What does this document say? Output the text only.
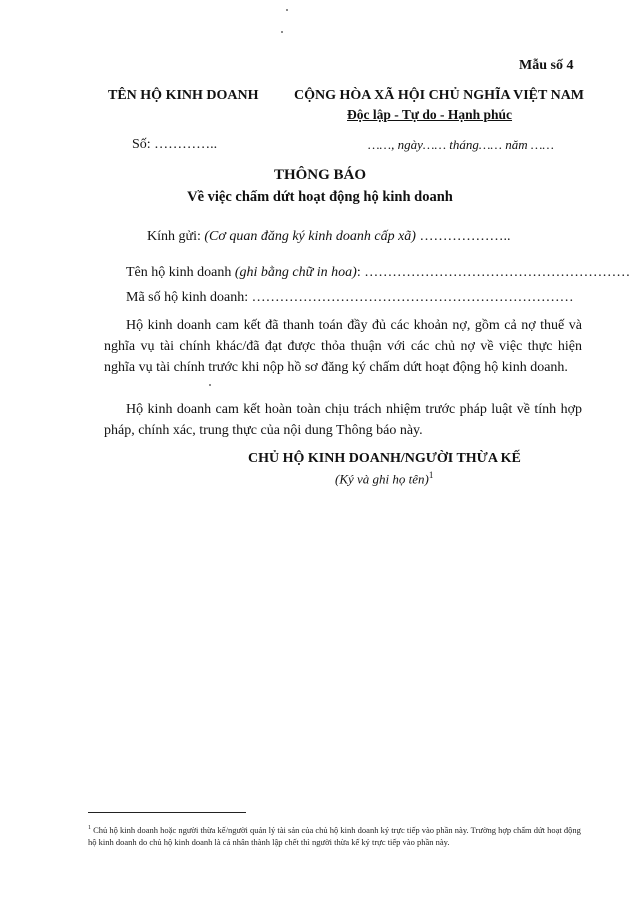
Mẫu số 4
TÊN HỘ KINH DOANH	CỘNG HÒA XÃ HỘI CHỦ NGHĨA VIỆT NAM
Độc lập - Tự do - Hạnh phúc
Số: …………..	……, ngày…… tháng…… năm ……
THÔNG BÁO
Về việc chấm dứt hoạt động hộ kinh doanh
Kính gửi: (Cơ quan đăng ký kinh doanh cấp xã) ………………..
Tên hộ kinh doanh (ghi bằng chữ in hoa): …………………………………………………
Mã số hộ kinh doanh: ……………………………………………………………
Hộ kinh doanh cam kết đã thanh toán đầy đủ các khoản nợ, gồm cả nợ thuế và nghĩa vụ tài chính khác/đã đạt được thỏa thuận với các chủ nợ về việc thực hiện nghĩa vụ tài chính trước khi nộp hồ sơ đăng ký chấm dứt hoạt động hộ kinh doanh.
Hộ kinh doanh cam kết hoàn toàn chịu trách nhiệm trước pháp luật về tính hợp pháp, chính xác, trung thực của nội dung Thông báo này.
CHỦ HỘ KINH DOANH/NGƯỜI THỪA KẾ
(Ký và ghi họ tên)$^1$
$^1$ Chủ hộ kinh doanh hoặc người thừa kế/người quản lý tài sản của chủ hộ kinh doanh ký trực tiếp vào phần này. Trường hợp chấm dứt hoạt động hộ kinh doanh do chủ hộ kinh doanh là cá nhân thành lập chết thì người thừa kế ký trực tiếp vào phần này.
